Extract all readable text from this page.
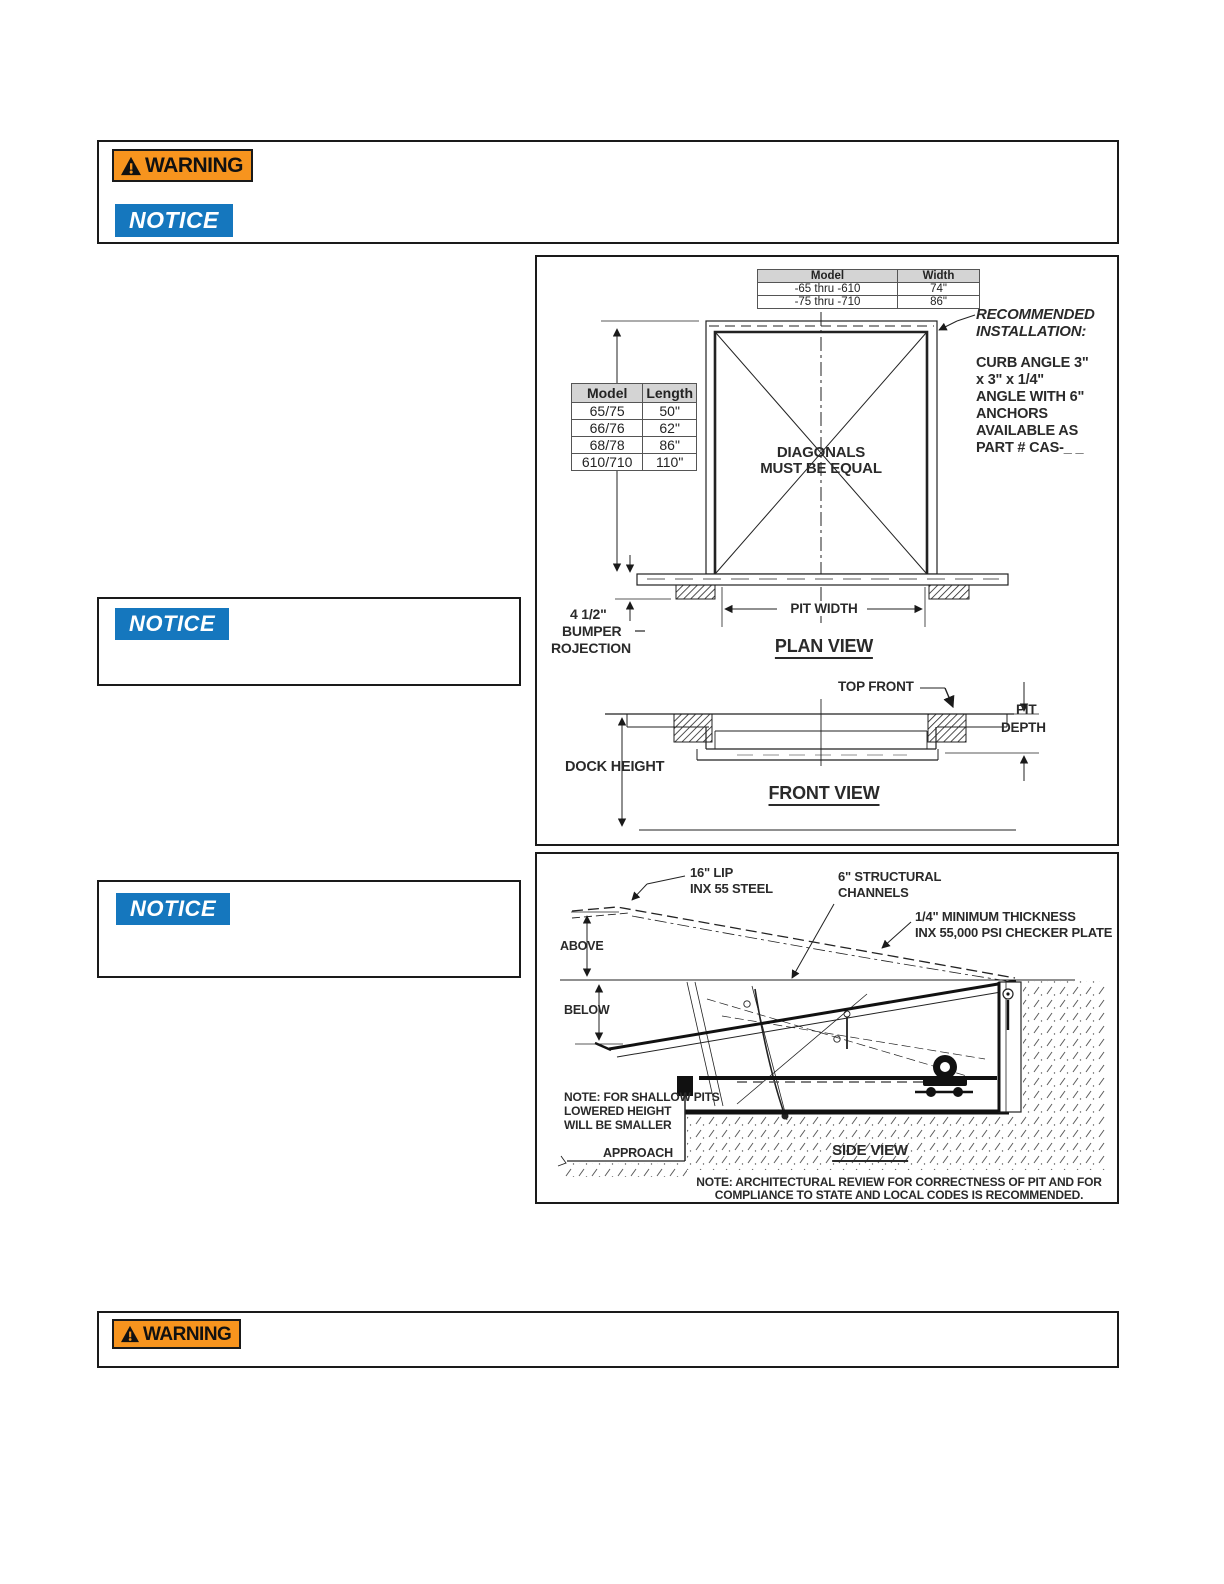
WARNING
NOTICE
Model	Width
-65 thru -610	74"
-75 thru -710	86"
Model	Length
65/75	50"
66/76	62"
68/78	86"
610/710	110"
DIAGONALS
MUST BE EQUAL
RECOMMENDED
INSTALLATION:
CURB ANGLE 3"
x 3" x 1/4"
ANGLE WITH 6"
ANCHORS
AVAILABLE AS
PART # CAS-_ _
4 1/2"
BUMPER
ROJECTION
PIT WIDTH
PLAN VIEW
TOP FRONT
PIT
DEPTH
DOCK HEIGHT
FRONT VIEW
NOTICE
NOTICE
16" LIP
INX 55 STEEL
6" STRUCTURAL
CHANNELS
1/4" MINIMUM THICKNESS
INX 55,000 PSI CHECKER PLATE
ABOVE
BELOW
NOTE: FOR SHALLOW PITS
LOWERED HEIGHT
WILL BE SMALLER
APPROACH	SIDE VIEW
NOTE: ARCHITECTURAL REVIEW FOR CORRECTNESS OF PIT AND FOR
COMPLIANCE TO STATE AND LOCAL CODES IS RECOMMENDED.
WARNING
